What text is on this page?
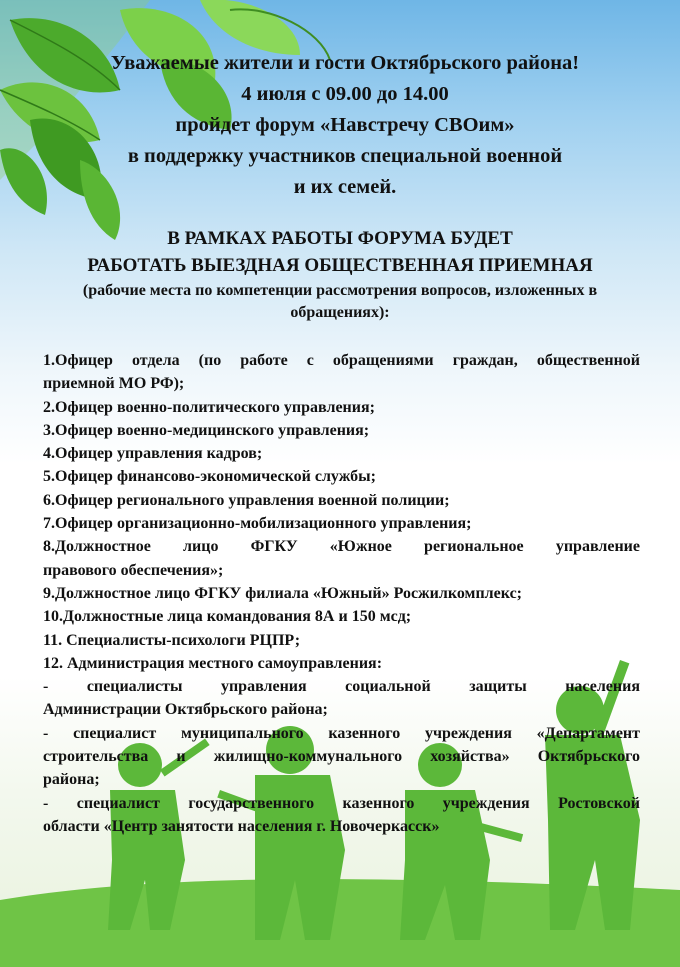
Уважаемые жители и гости Октябрьского района!
4 июля с 09.00 до 14.00
пройдет форум «Навстречу СВОим»
в поддержку участников специальной военной
и их семей.
В РАМКАХ РАБОТЫ ФОРУМА БУДЕТ
РАБОТАТЬ ВЫЕЗДНАЯ ОБЩЕСТВЕННАЯ ПРИЕМНАЯ
(рабочие места по компетенции рассмотрения вопросов, изложенных в обращениях):
1.Офицер отдела (по работе с обращениями граждан, общественной
приемной МО РФ);
2.Офицер военно-политического управления;
3.Офицер военно-медицинского управления;
4.Офицер управления кадров;
5.Офицер финансово-экономической службы;
6.Офицер регионального управления военной полиции;
7.Офицер организационно-мобилизационного управления;
8.Должностное лицо ФГКУ «Южное региональное управление
правового обеспечения»;
9.Должностное лицо ФГКУ филиала «Южный» Росжилкомплекс;
10.Должностные лица командования 8А и 150 мсд;
11. Специалисты-психологи РЦПР;
12. Администрация местного самоуправления:
- специалисты управления социальной защиты населения
Администрации Октябрьского района;
- специалист муниципального казенного учреждения «Департамент
строительства и жилищно-коммунального хозяйства» Октябрьского
района;
- специалист государственного казенного учреждения Ростовской
области «Центр занятости населения г. Новочеркасск»
